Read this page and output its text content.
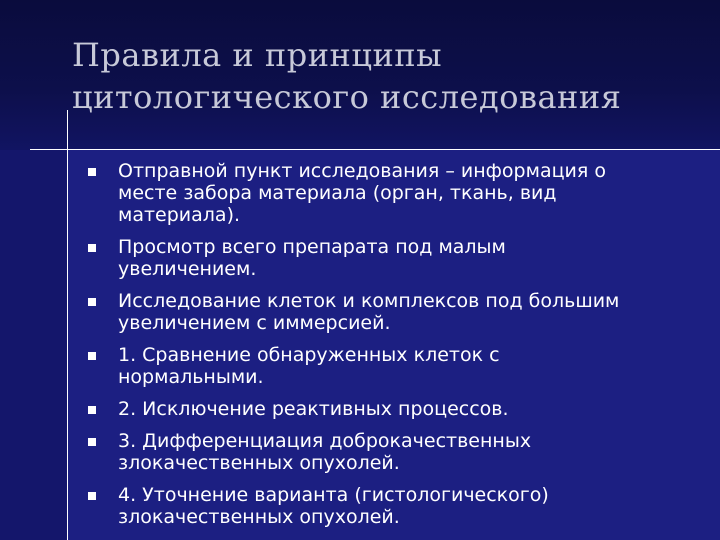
Правила и принципы
цитологического исследования
Отправной пункт исследования – информация о
месте забора материала (орган, ткань, вид
материала).
Просмотр всего препарата под малым
увеличением.
Исследование клеток и комплексов под большим
увеличением с иммерсией.
1. Сравнение обнаруженных клеток с
нормальными.
2. Исключение реактивных процессов.
3. Дифференциация доброкачественных
злокачественных опухолей.
4. Уточнение варианта (гистологического)
злокачественных опухолей.
